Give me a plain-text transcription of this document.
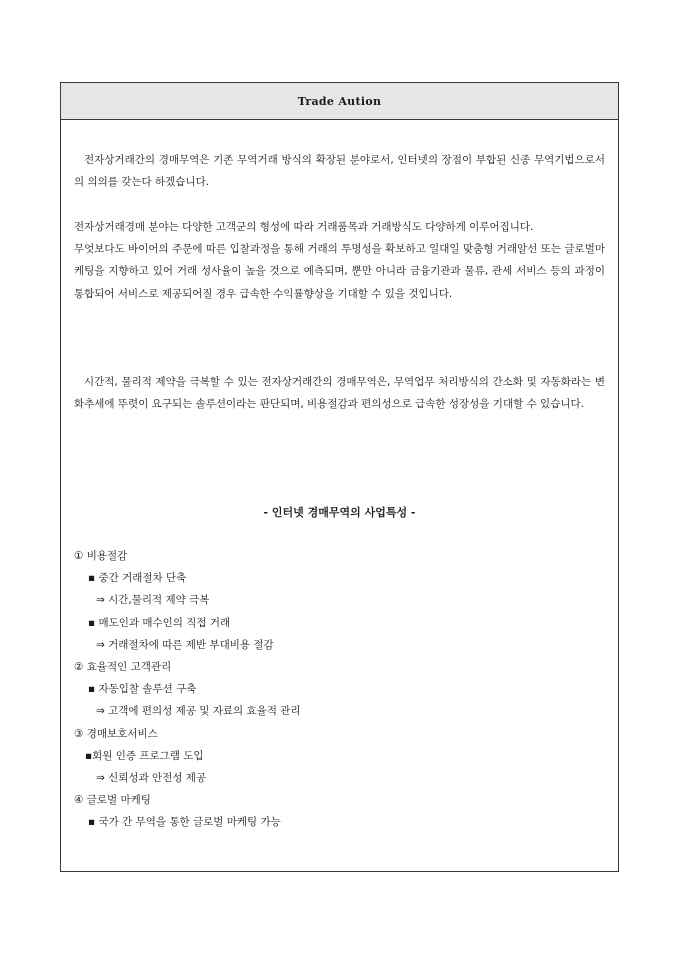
Trade Aution

전자상거래간의 경매무역은 기존 무역거래 방식의 확장된 분야로서, 인터넷의 장점이 부합된 신종 무역기법으로서의 의의를 갖는다 하겠습니다.

전자상거래경매 분야는 다양한 고객군의 형성에 따라 거래품목과 거래방식도 다양하게 이루어집니다.

무엇보다도 바이어의 주문에 따른 입찰과정을 통해 거래의 투명성을 확보하고 일대일 맞춤형 거래알선 또는 글로벌마케팅을 지향하고 있어 거래 성사율이 높을 것으로 예측되며, 뿐만 아니라 금융기관과 물류, 관세 서비스 등의 과정이 통합되어 서비스로 제공되어질 경우 급속한 수익률향상을 기대할 수 있을 것입니다.

시간적, 물리적 제약을 극복할 수 있는 전자상거래간의 경매무역은, 무역업무 처리방식의 간소화 및 자동화라는 변화추세에 뚜렷이 요구되는 솔루션이라는 판단되며, 비용절감과 편의성으로 급속한 성장성을 기대할 수 있습니다.

- 인터넷 경매무역의 사업특성 -
① 비용절감
▪ 중간 거래절차 단축
⇒ 시간,물리적 제약 극복
▪ 매도인과 매수인의 직접 거래
⇒ 거래절차에 따른 제반 부대비용 절감
② 효율적인 고객관리
▪ 자동입찰 솔루션 구축
⇒ 고객에 편의성 제공 및 자료의 효율적 관리
③ 경매보호서비스
▪회원 인증 프로그램 도입
⇒ 신뢰성과 안전성 제공
④ 글로벌 마케팅
▪ 국가 간 무역을 통한 글로벌 마케팅 가능
